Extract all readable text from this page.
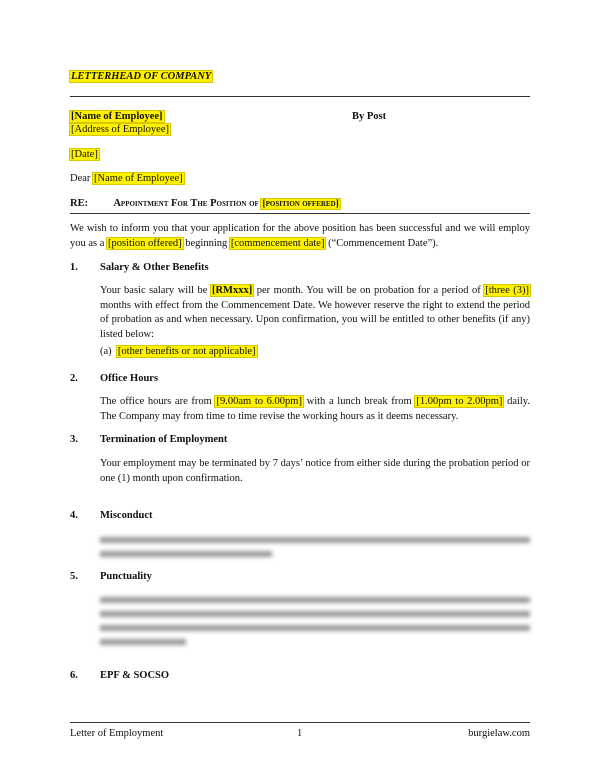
LETTERHEAD OF COMPANY
[Name of Employee]	By Post
[Address of Employee]
[Date]
Dear [Name of Employee]
RE: Appointment For The Position of [position offered]
We wish to inform you that your application for the above position has been successful and we will employ you as a [position offered] beginning [commencement date] (“Commencement Date”).
1. Salary & Other Benefits
Your basic salary will be [RMxxx] per month. You will be on probation for a period of [three (3)] months with effect from the Commencement Date. We however reserve the right to extend the period of probation as and when necessary. Upon confirmation, you will be entitled to other benefits (if any) listed below:
(a) [other benefits or not applicable]
2. Office Hours
The office hours are from [9.00am to 6.00pm] with a lunch break from [1.00pm to 2.00pm] daily. The Company may from time to time revise the working hours as it deems necessary.
3. Termination of Employment
Your employment may be terminated by 7 days’ notice from either side during the probation period or one (1) month upon confirmation.
4. Misconduct
5. Punctuality
6. EPF & SOCSO
Letter of Employment	1	burgielaw.com
